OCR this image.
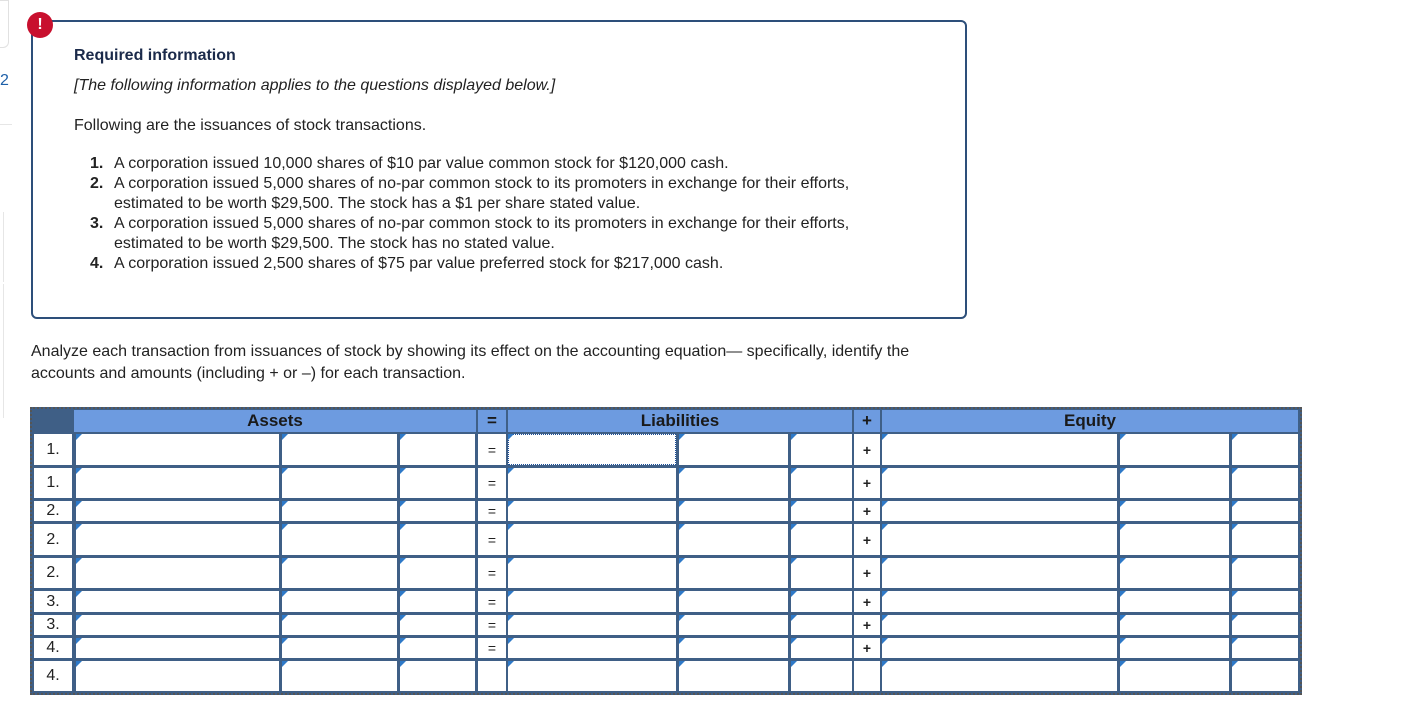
2
!
Required information
[The following information applies to the questions displayed below.]
Following are the issuances of stock transactions.
1. A corporation issued 10,000 shares of $10 par value common stock for $120,000 cash.
2. A corporation issued 5,000 shares of no-par common stock to its promoters in exchange for their efforts, estimated to be worth $29,500. The stock has a $1 per share stated value.
3. A corporation issued 5,000 shares of no-par common stock to its promoters in exchange for their efforts, estimated to be worth $29,500. The stock has no stated value.
4. A corporation issued 2,500 shares of $75 par value preferred stock for $217,000 cash.
Analyze each transaction from issuances of stock by showing its effect on the accounting equation— specifically, identify the accounts and amounts (including + or –) for each transaction.
Assets	=	Liabilities	+	Equity
1.	=	+
1.	=	+
2.	=	+
2.	=	+
2.	=	+
3.	=	+
3.	=	+
4.	=	+
4.
